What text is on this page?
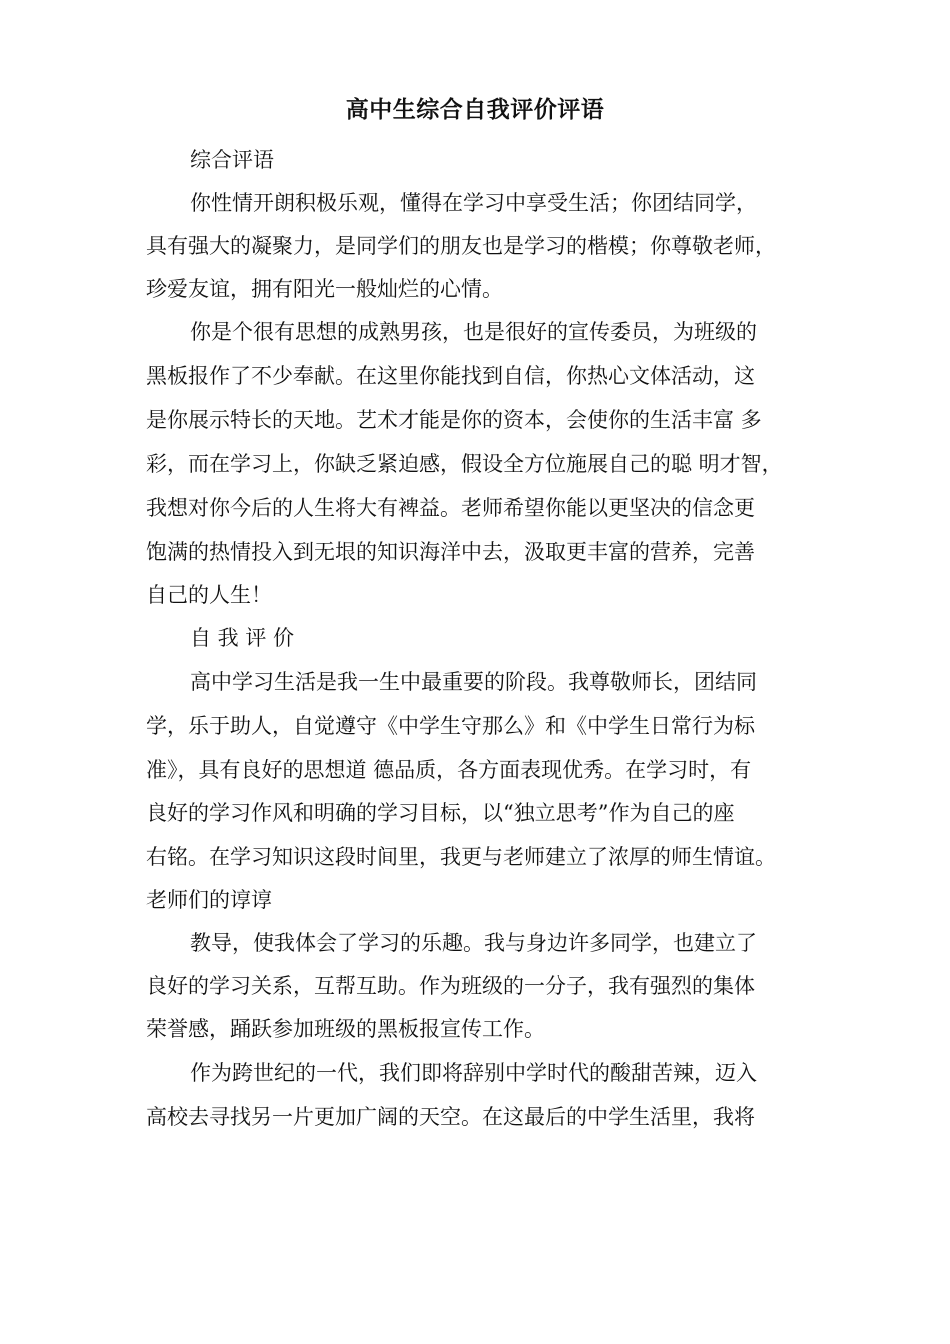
高中生综合自我评价评语
综合评语
你性情开朗积极乐观，懂得在学习中享受生活；你团结同学，
具有强大的凝聚力，是同学们的朋友也是学习的楷模；你尊敬老师，
珍爱友谊，拥有阳光一般灿烂的心情。
你是个很有思想的成熟男孩，也是很好的宣传委员，为班级的
黑板报作了不少奉献。在这里你能找到自信，你热心文体活动，这
是你展示特长的天地。艺术才能是你的资本，会使你的生活丰富 多
彩，而在学习上，你缺乏紧迫感，假设全方位施展自己的聪 明才智，
我想对你今后的人生将大有裨益。老师希望你能以更坚决的信念更
饱满的热情投入到无垠的知识海洋中去，汲取更丰富的营养，完善
自己的人生！
自 我 评 价
高中学习生活是我一生中最重要的阶段。我尊敬师长，团结同
学，乐于助人，自觉遵守《中学生守那么》和《中学生日常行为标
准》，具有良好的思想道 德品质，各方面表现优秀。在学习时，有
良好的学习作风和明确的学习目标，以“独立思考”作为自己的座
右铭。在学习知识这段时间里，我更与老师建立了浓厚的师生情谊。
老师们的谆谆
教导，使我体会了学习的乐趣。我与身边许多同学，也建立了
良好的学习关系，互帮互助。作为班级的一分子，我有强烈的集体
荣誉感，踊跃参加班级的黑板报宣传工作。
作为跨世纪的一代，我们即将辞别中学时代的酸甜苦辣，迈入
高校去寻找另一片更加广阔的天空。在这最后的中学生活里，我将
